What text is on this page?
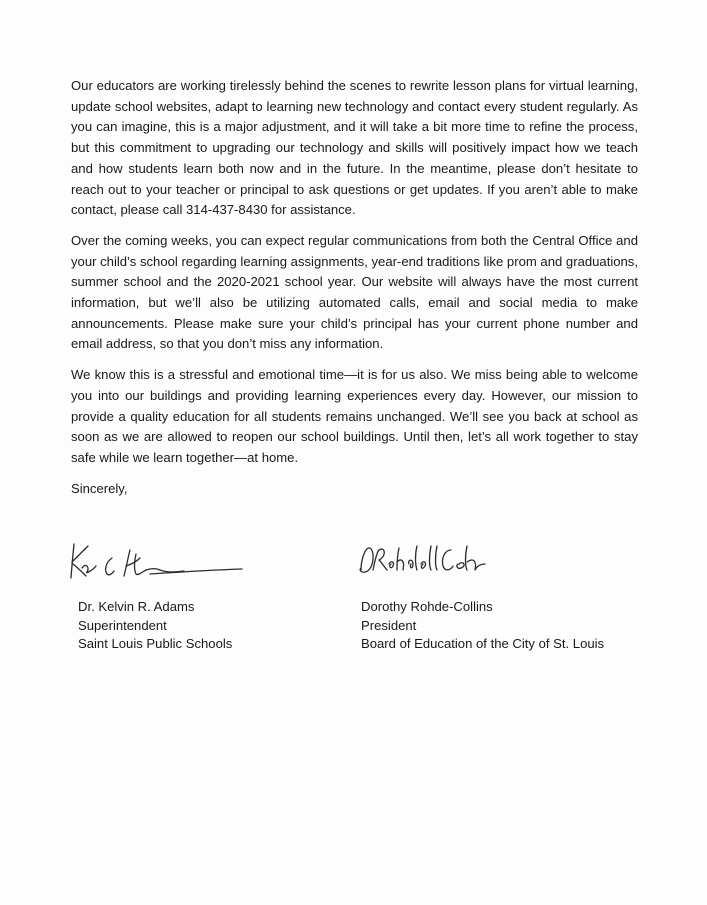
Our educators are working tirelessly behind the scenes to rewrite lesson plans for virtual learning, update school websites, adapt to learning new technology and contact every student regularly. As you can imagine, this is a major adjustment, and it will take a bit more time to refine the process, but this commitment to upgrading our technology and skills will positively impact how we teach and how students learn both now and in the future. In the meantime, please don’t hesitate to reach out to your teacher or principal to ask questions or get updates. If you aren’t able to make contact, please call 314-437-8430 for assistance.

Over the coming weeks, you can expect regular communications from both the Central Office and your child’s school regarding learning assignments, year-end traditions like prom and graduations, summer school and the 2020-2021 school year. Our website will always have the most current information, but we’ll also be utilizing automated calls, email and social media to make announcements. Please make sure your child’s principal has your current phone number and email address, so that you don’t miss any information.

We know this is a stressful and emotional time—it is for us also. We miss being able to welcome you into our buildings and providing learning experiences every day. However, our mission to provide a quality education for all students remains unchanged. We’ll see you back at school as soon as we are allowed to reopen our school buildings. Until then, let’s all work together to stay safe while we learn together—at home.

Sincerely,

Dr. Kelvin R. Adams
Superintendent
Saint Louis Public Schools
Dorothy Rohde-Collins
President
Board of Education of the City of St. Louis
